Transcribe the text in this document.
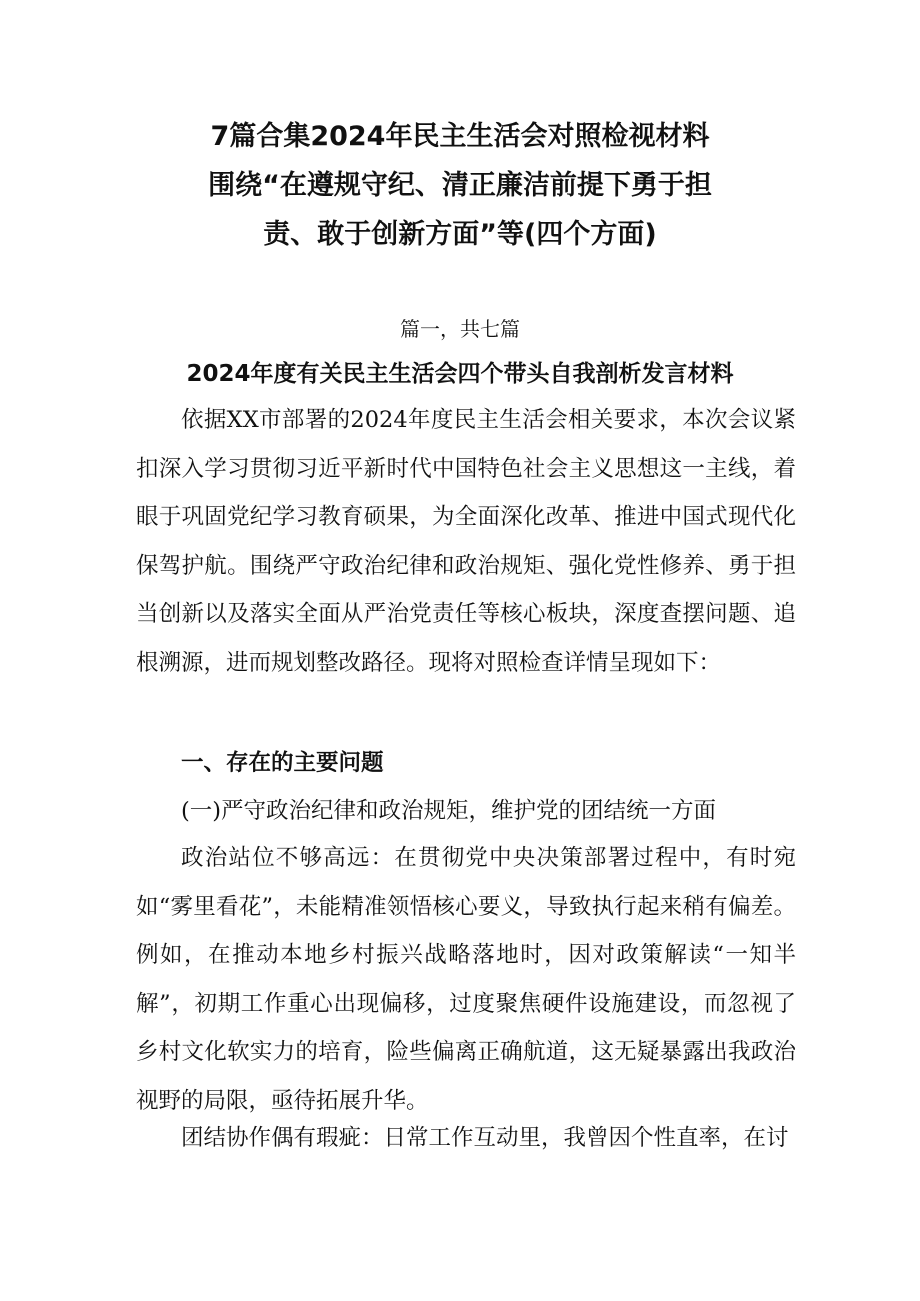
7篇合集2024年民主生活会对照检视材料
围绕“在遵规守纪、清正廉洁前提下勇于担
责、敢于创新方面”等(四个方面)
篇一，共七篇
2024年度有关民主生活会四个带头自我剖析发言材料
依据XX市部署的2024年度民主生活会相关要求，本次会议紧扣深入学习贯彻习近平新时代中国特色社会主义思想这一主线，着眼于巩固党纪学习教育硕果，为全面深化改革、推进中国式现代化保驾护航。围绕严守政治纪律和政治规矩、强化党性修养、勇于担当创新以及落实全面从严治党责任等核心板块，深度查摆问题、追根溯源，进而规划整改路径。现将对照检查详情呈现如下：
一、存在的主要问题
(一)严守政治纪律和政治规矩，维护党的团结统一方面
政治站位不够高远：在贯彻党中央决策部署过程中，有时宛如“雾里看花”，未能精准领悟核心要义，导致执行起来稍有偏差。例如，在推动本地乡村振兴战略落地时，因对政策解读“一知半解”，初期工作重心出现偏移，过度聚焦硬件设施建设，而忽视了乡村文化软实力的培育，险些偏离正确航道，这无疑暴露出我政治视野的局限，亟待拓展升华。
团结协作偶有瑕疵：日常工作互动里，我曾因个性直率，在讨
